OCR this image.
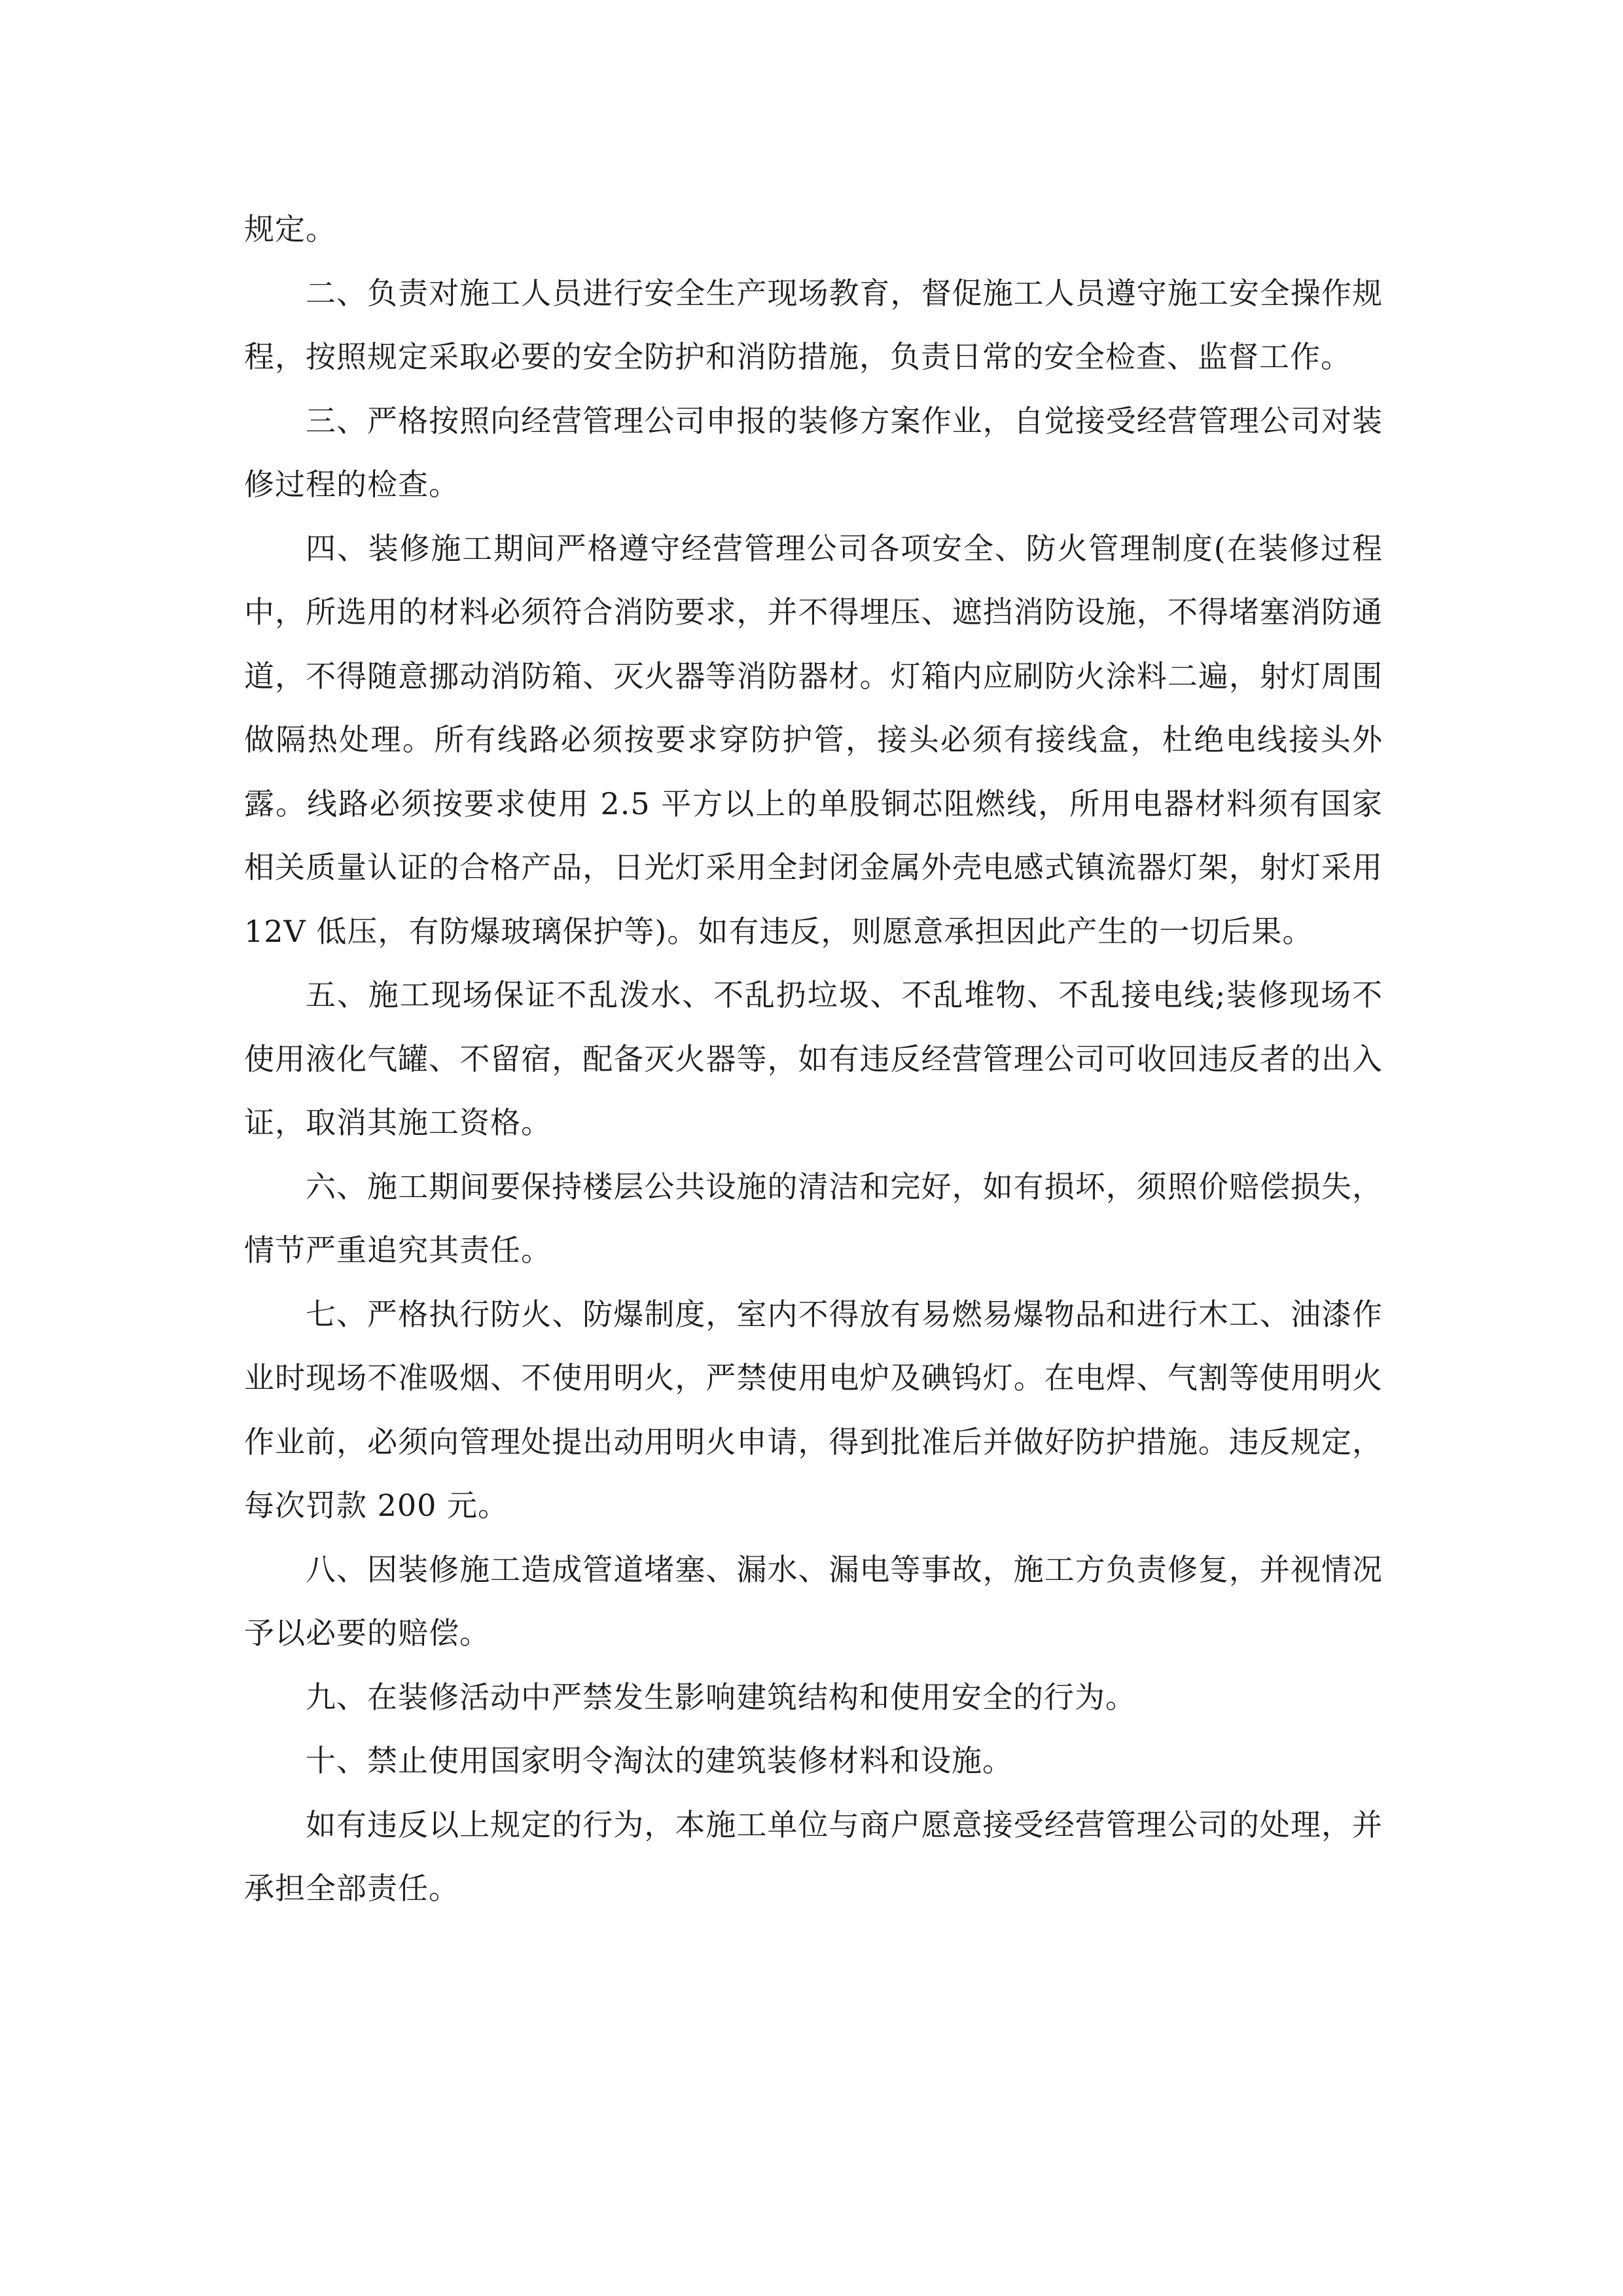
规定。

二、负责对施工人员进行安全生产现场教育，督促施工人员遵守施工安全操作规程，按照规定采取必要的安全防护和消防措施，负责日常的安全检查、监督工作。

三、严格按照向经营管理公司申报的装修方案作业，自觉接受经营管理公司对装修过程的检查。

四、装修施工期间严格遵守经营管理公司各项安全、防火管理制度(在装修过程中，所选用的材料必须符合消防要求，并不得埋压、遮挡消防设施，不得堵塞消防通道，不得随意挪动消防箱、灭火器等消防器材。灯箱内应刷防火涂料二遍，射灯周围做隔热处理。所有线路必须按要求穿防护管，接头必须有接线盒，杜绝电线接头外露。线路必须按要求使用 2.5 平方以上的单股铜芯阻燃线，所用电器材料须有国家相关质量认证的合格产品，日光灯采用全封闭金属外壳电感式镇流器灯架，射灯采用 12V 低压，有防爆玻璃保护等)。如有违反，则愿意承担因此产生的一切后果。

五、施工现场保证不乱泼水、不乱扔垃圾、不乱堆物、不乱接电线;装修现场不使用液化气罐、不留宿，配备灭火器等，如有违反经营管理公司可收回违反者的出入证，取消其施工资格。

六、施工期间要保持楼层公共设施的清洁和完好，如有损坏，须照价赔偿损失，情节严重追究其责任。

七、严格执行防火、防爆制度，室内不得放有易燃易爆物品和进行木工、油漆作业时现场不准吸烟、不使用明火，严禁使用电炉及碘钨灯。在电焊、气割等使用明火作业前，必须向管理处提出动用明火申请，得到批准后并做好防护措施。违反规定，每次罚款 200 元。

八、因装修施工造成管道堵塞、漏水、漏电等事故，施工方负责修复，并视情况予以必要的赔偿。

九、在装修活动中严禁发生影响建筑结构和使用安全的行为。

十、禁止使用国家明令淘汰的建筑装修材料和设施。

如有违反以上规定的行为，本施工单位与商户愿意接受经营管理公司的处理，并承担全部责任。
